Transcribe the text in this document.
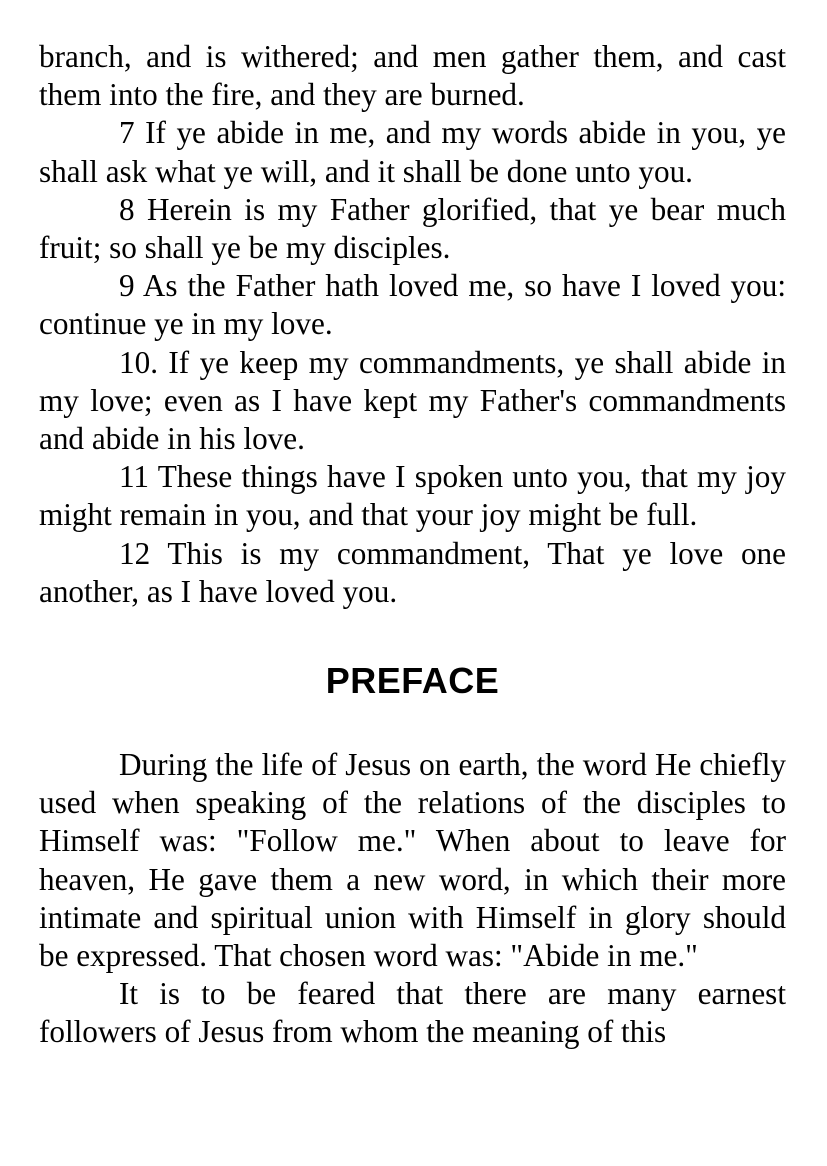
branch, and is withered; and men gather them, and cast them into the fire, and they are burned.

7 If ye abide in me, and my words abide in you, ye shall ask what ye will, and it shall be done unto you.

8 Herein is my Father glorified, that ye bear much fruit; so shall ye be my disciples.

9 As the Father hath loved me, so have I loved you: continue ye in my love.

10. If ye keep my commandments, ye shall abide in my love; even as I have kept my Father's commandments and abide in his love.

11 These things have I spoken unto you, that my joy might remain in you, and that your joy might be full.

12 This is my commandment, That ye love one another, as I have loved you.

PREFACE

During the life of Jesus on earth, the word He chiefly used when speaking of the relations of the disciples to Himself was: "Follow me." When about to leave for heaven, He gave them a new word, in which their more intimate and spiritual union with Himself in glory should be expressed. That chosen word was: "Abide in me."

It is to be feared that there are many earnest followers of Jesus from whom the meaning of this
